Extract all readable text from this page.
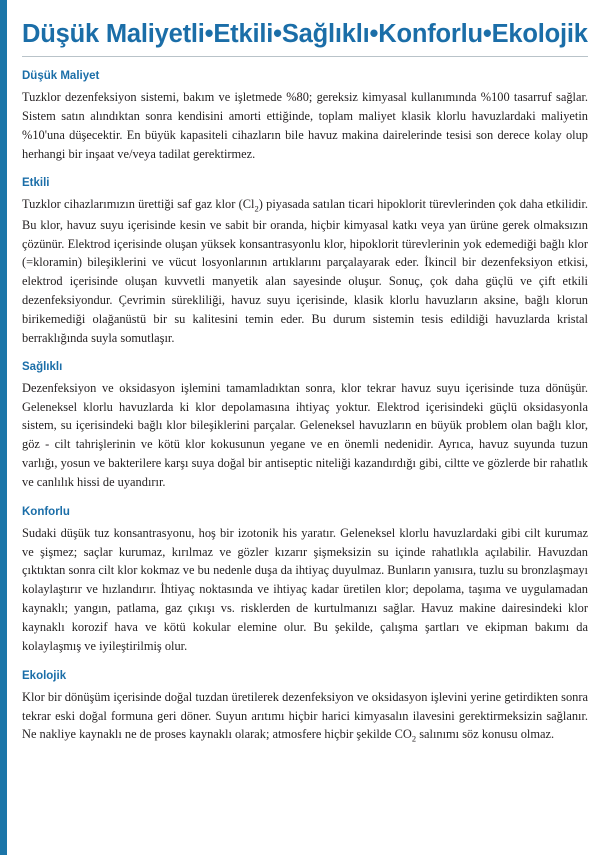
Düşük Maliyetli•Etkili•Sağlıklı•Konforlu•Ekolojik
Düşük Maliyet

Tuzklor dezenfeksiyon sistemi, bakım ve işletmede %80; gereksiz kimyasal kullanımında %100 tasarruf sağlar. Sistem satın alındıktan sonra kendisini amorti ettiğinde, toplam maliyet klasik klorlu havuzlardaki maliyetin %10'una düşecektir. En büyük kapasiteli cihazların bile havuz makina dairelerinde tesisi son derece kolay olup herhangi bir inşaat ve/veya tadilat gerektirmez.

Etkili

Tuzklor cihazlarımızın ürettiği saf gaz klor $(Cl_2)$ piyasada satılan ticari hipoklorit türevlerinden çok daha etkilidir. Bu klor, havuz suyu içerisinde kesin ve sabit bir oranda, hiçbir kimyasal katkı veya yan ürüne gerek olmaksızın çözünür. Elektrod içerisinde oluşan yüksek konsantrasyonlu klor, hipoklorit türevlerinin yok edemediği bağlı klor (=kloramin) bileşiklerini ve vücut losyonlarının artıklarını parçalayarak eder. İkincil bir dezenfeksiyon etkisi, elektrod içerisinde oluşan kuvvetli manyetik alan sayesinde oluşur. Sonuç, çok daha güçlü ve çift etkili dezenfeksiyondur. Çevrimin sürekliliği, havuz suyu içerisinde, klasik klorlu havuzların aksine, bağlı klorun birikemediği olağanüstü bir su kalitesini temin eder. Bu durum sistemin tesis edildiği havuzlarda kristal berraklığında suyla somutlaşır.

Sağlıklı

Dezenfeksiyon ve oksidasyon işlemini tamamladıktan sonra, klor tekrar havuz suyu içerisinde tuza dönüşür. Geleneksel klorlu havuzlarda ki klor depolamasına ihtiyaç yoktur. Elektrod içerisindeki güçlü oksidasyonla sistem, su içerisindeki bağlı klor bileşiklerini parçalar. Geleneksel havuzların en büyük problem olan bağlı klor, göz - cilt tahrişlerinin ve kötü klor kokusunun yegane ve en önemli nedenidir. Ayrıca, havuz suyunda tuzun varlığı, yosun ve bakterilere karşı suya doğal bir antiseptic niteliği kazandırdığı gibi, ciltte ve gözlerde bir rahatlık ve canlılık hissi de uyandırır.

Konforlu

Sudaki düşük tuz konsantrasyonu, hoş bir izotonik his yaratır. Geleneksel klorlu havuzlardaki gibi cilt kurumaz ve şişmez; saçlar kurumaz, kırılmaz ve gözler kızarır şişmeksizin su içinde rahatlıkla açılabilir. Havuzdan çıktıktan sonra cilt klor kokmaz ve bu nedenle duşa da ihtiyaç duyulmaz. Bunların yanısıra, tuzlu su bronzlaşmayı kolaylaştırır ve hızlandırır. İhtiyaç noktasında ve ihtiyaç kadar üretilen klor; depolama, taşıma ve uygulamadan kaynaklı; yangın, patlama, gaz çıkışı vs. risklerden de kurtulmanızı sağlar. Havuz makine dairesindeki klor kaynaklı korozif hava ve kötü kokular elemine olur. Bu şekilde, çalışma şartları ve ekipman bakımı da kolaylaşmış ve iyileştirilmiş olur.

Ekolojik

Klor bir dönüşüm içerisinde doğal tuzdan üretilerek dezenfeksiyon ve oksidasyon işlevini yerine getirdikten sonra tekrar eski doğal formuna geri döner. Suyun arıtımı hiçbir harici kimyasalın ilavesini gerektirmeksizin sağlanır. Ne nakliye kaynaklı ne de proses kaynaklı olarak; atmosfere hiçbir şekilde $CO_2$ salınımı söz konusu olmaz.
